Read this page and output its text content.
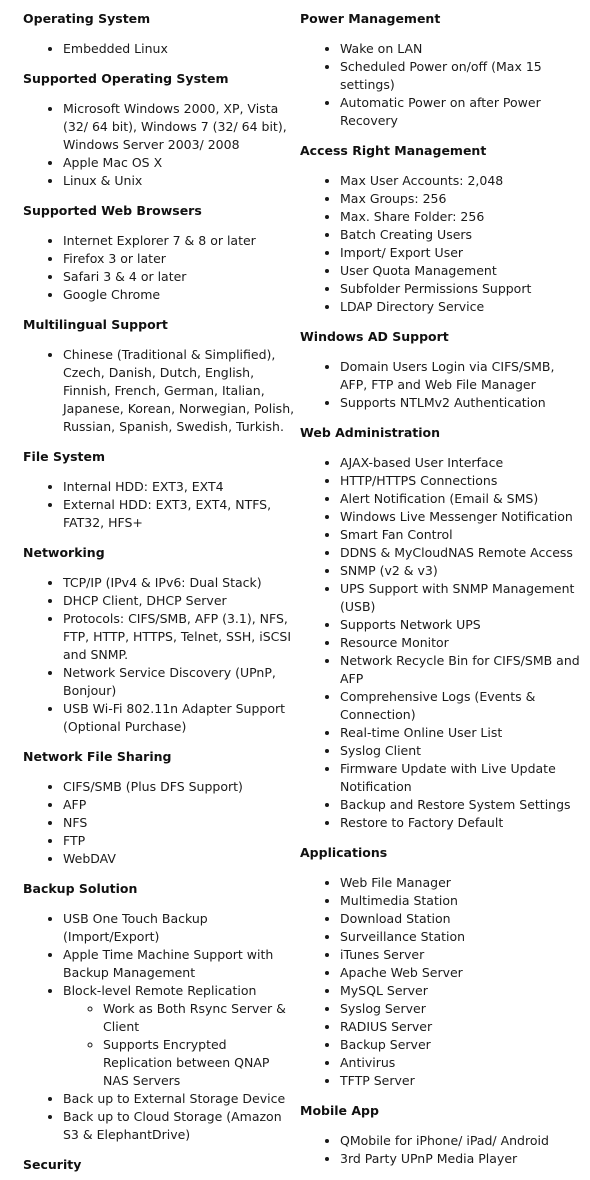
Operating System
• Embedded Linux
Supported Operating System
• Microsoft Windows 2000, XP, Vista (32/ 64 bit), Windows 7 (32/ 64 bit), Windows Server 2003/ 2008
• Apple Mac OS X
• Linux & Unix
Supported Web Browsers
• Internet Explorer 7 & 8 or later
• Firefox 3 or later
• Safari 3 & 4 or later
• Google Chrome
Multilingual Support
• Chinese (Traditional & Simplified), Czech, Danish, Dutch, English, Finnish, French, German, Italian, Japanese, Korean, Norwegian, Polish, Russian, Spanish, Swedish, Turkish.
File System
• Internal HDD: EXT3, EXT4
• External HDD: EXT3, EXT4, NTFS, FAT32, HFS+
Networking
• TCP/IP (IPv4 & IPv6: Dual Stack)
• DHCP Client, DHCP Server
• Protocols: CIFS/SMB, AFP (3.1), NFS, FTP, HTTP, HTTPS, Telnet, SSH, iSCSI and SNMP.
• Network Service Discovery (UPnP, Bonjour)
• USB Wi-Fi 802.11n Adapter Support (Optional Purchase)
Network File Sharing
• CIFS/SMB (Plus DFS Support)
• AFP
• NFS
• FTP
• WebDAV
Backup Solution
• USB One Touch Backup (Import/Export)
• Apple Time Machine Support with Backup Management
• Block-level Remote Replication
◦ Work as Both Rsync Server & Client
◦ Supports Encrypted Replication between QNAP NAS Servers
• Back up to External Storage Device
• Back up to Cloud Storage (Amazon S3 & ElephantDrive)
Security
Power Management
• Wake on LAN
• Scheduled Power on/off (Max 15 settings)
• Automatic Power on after Power Recovery
Access Right Management
• Max User Accounts: 2,048
• Max Groups: 256
• Max. Share Folder: 256
• Batch Creating Users
• Import/ Export User
• User Quota Management
• Subfolder Permissions Support
• LDAP Directory Service
Windows AD Support
• Domain Users Login via CIFS/SMB, AFP, FTP and Web File Manager
• Supports NTLMv2 Authentication
Web Administration
• AJAX-based User Interface
• HTTP/HTTPS Connections
• Alert Notification (Email & SMS)
• Windows Live Messenger Notification
• Smart Fan Control
• DDNS & MyCloudNAS Remote Access
• SNMP (v2 & v3)
• UPS Support with SNMP Management (USB)
• Supports Network UPS
• Resource Monitor
• Network Recycle Bin for CIFS/SMB and AFP
• Comprehensive Logs (Events & Connection)
• Real-time Online User List
• Syslog Client
• Firmware Update with Live Update Notification
• Backup and Restore System Settings
• Restore to Factory Default
Applications
• Web File Manager
• Multimedia Station
• Download Station
• Surveillance Station
• iTunes Server
• Apache Web Server
• MySQL Server
• Syslog Server
• RADIUS Server
• Backup Server
• Antivirus
• TFTP Server
Mobile App
• QMobile for iPhone/ iPad/ Android
• 3rd Party UPnP Media Player
